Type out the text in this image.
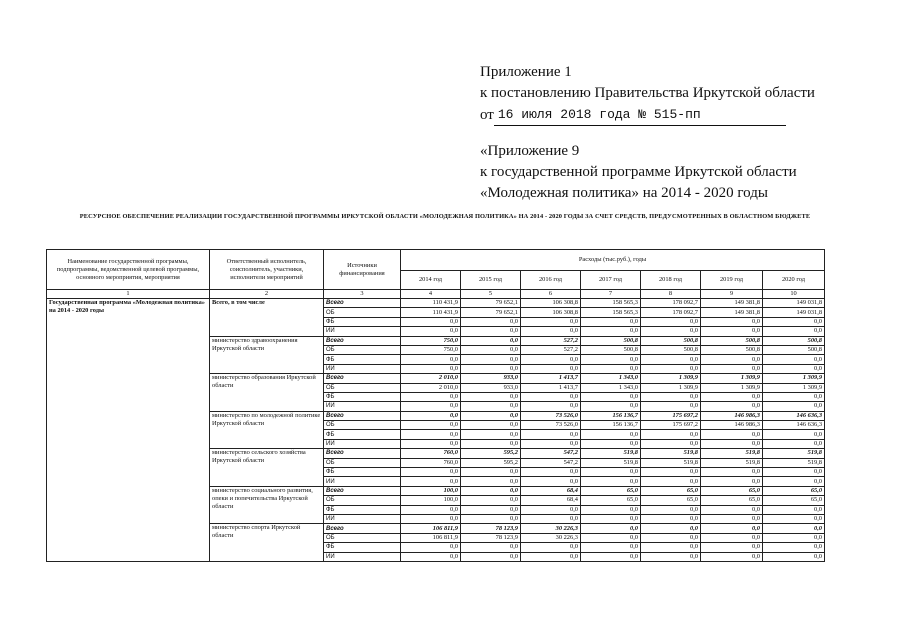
Приложение 1
к постановлению Правительства Иркутской области
от 16 июля 2018 года № 515-пп
«Приложение 9
к государственной программе Иркутской области
«Молодежная политика» на 2014 - 2020 годы
РЕСУРСНОЕ ОБЕСПЕЧЕНИЕ РЕАЛИЗАЦИИ ГОСУДАРСТВЕННОЙ ПРОГРАММЫ ИРКУТСКОЙ ОБЛАСТИ «МОЛОДЕЖНАЯ ПОЛИТИКА» НА 2014 - 2020 ГОДЫ ЗА СЧЕТ СРЕДСТВ, ПРЕДУСМОТРЕННЫХ В ОБЛАСТНОМ БЮДЖЕТЕ
Наименование государственной программы, подпрограммы, ведомственной целевой программы, основного мероприятия, мероприятия	Ответственный исполнитель, соисполнитель, участники, исполнители мероприятий	Источники финансирования	Расходы (тыс.руб.), годы						
			2014 год	2015 год	2016 год	2017 год	2018 год	2019 год	2020 год
1	2	3	4	5	6	7	8	9	10
Государственная программа «Молодежная политика» на 2014 - 2020 годы	Всего, в том числе	Всего	110 431,9	79 652,1	106 308,8	158 565,3	178 092,7	149 381,8	149 031,8
		ОБ	110 431,9	79 652,1	106 308,8	158 565,3	178 092,7	149 381,8	149 031,8
		ФБ	0,0	0,0	0,0	0,0	0,0	0,0	0,0
		ИИ	0,0	0,0	0,0	0,0	0,0	0,0	0,0
	министерство здравоохранения Иркутской области	Всего	750,0	0,0	527,2	500,8	500,8	500,8	500,8
		ОБ	750,0	0,0	527,2	500,8	500,8	500,8	500,8
		ФБ	0,0	0,0	0,0	0,0	0,0	0,0	0,0
		ИИ	0,0	0,0	0,0	0,0	0,0	0,0	0,0
	министерство образования Иркутской области	Всего	2 010,0	933,0	1 413,7	1 343,0	1 309,9	1 309,9	1 309,9
		ОБ	2 010,0	933,0	1 413,7	1 343,0	1 309,9	1 309,9	1 309,9
		ФБ	0,0	0,0	0,0	0,0	0,0	0,0	0,0
		ИИ	0,0	0,0	0,0	0,0	0,0	0,0	0,0
	министерство по молодежной политике Иркутской области	Всего	0,0	0,0	73 526,0	156 136,7	175 697,2	146 986,3	146 636,3
		ОБ	0,0	0,0	73 526,0	156 136,7	175 697,2	146 986,3	146 636,3
		ФБ	0,0	0,0	0,0	0,0	0,0	0,0	0,0
		ИИ	0,0	0,0	0,0	0,0	0,0	0,0	0,0
	министерство сельского хозяйства Иркутской области	Всего	760,0	595,2	547,2	519,8	519,8	519,8	519,8
		ОБ	760,0	595,2	547,2	519,8	519,8	519,8	519,8
		ФБ	0,0	0,0	0,0	0,0	0,0	0,0	0,0
		ИИ	0,0	0,0	0,0	0,0	0,0	0,0	0,0
	министерство социального развития, опеки и попечительства Иркутской области	Всего	100,0	0,0	68,4	65,0	65,0	65,0	65,0
		ОБ	100,0	0,0	68,4	65,0	65,0	65,0	65,0
		ФБ	0,0	0,0	0,0	0,0	0,0	0,0	0,0
		ИИ	0,0	0,0	0,0	0,0	0,0	0,0	0,0
	министерство спорта Иркутской области	Всего	106 811,9	78 123,9	30 226,3	0,0	0,0	0,0	0,0
		ОБ	106 811,9	78 123,9	30 226,3	0,0	0,0	0,0	0,0
		ФБ	0,0	0,0	0,0	0,0	0,0	0,0	0,0
		ИИ	0,0	0,0	0,0	0,0	0,0	0,0	0,0
